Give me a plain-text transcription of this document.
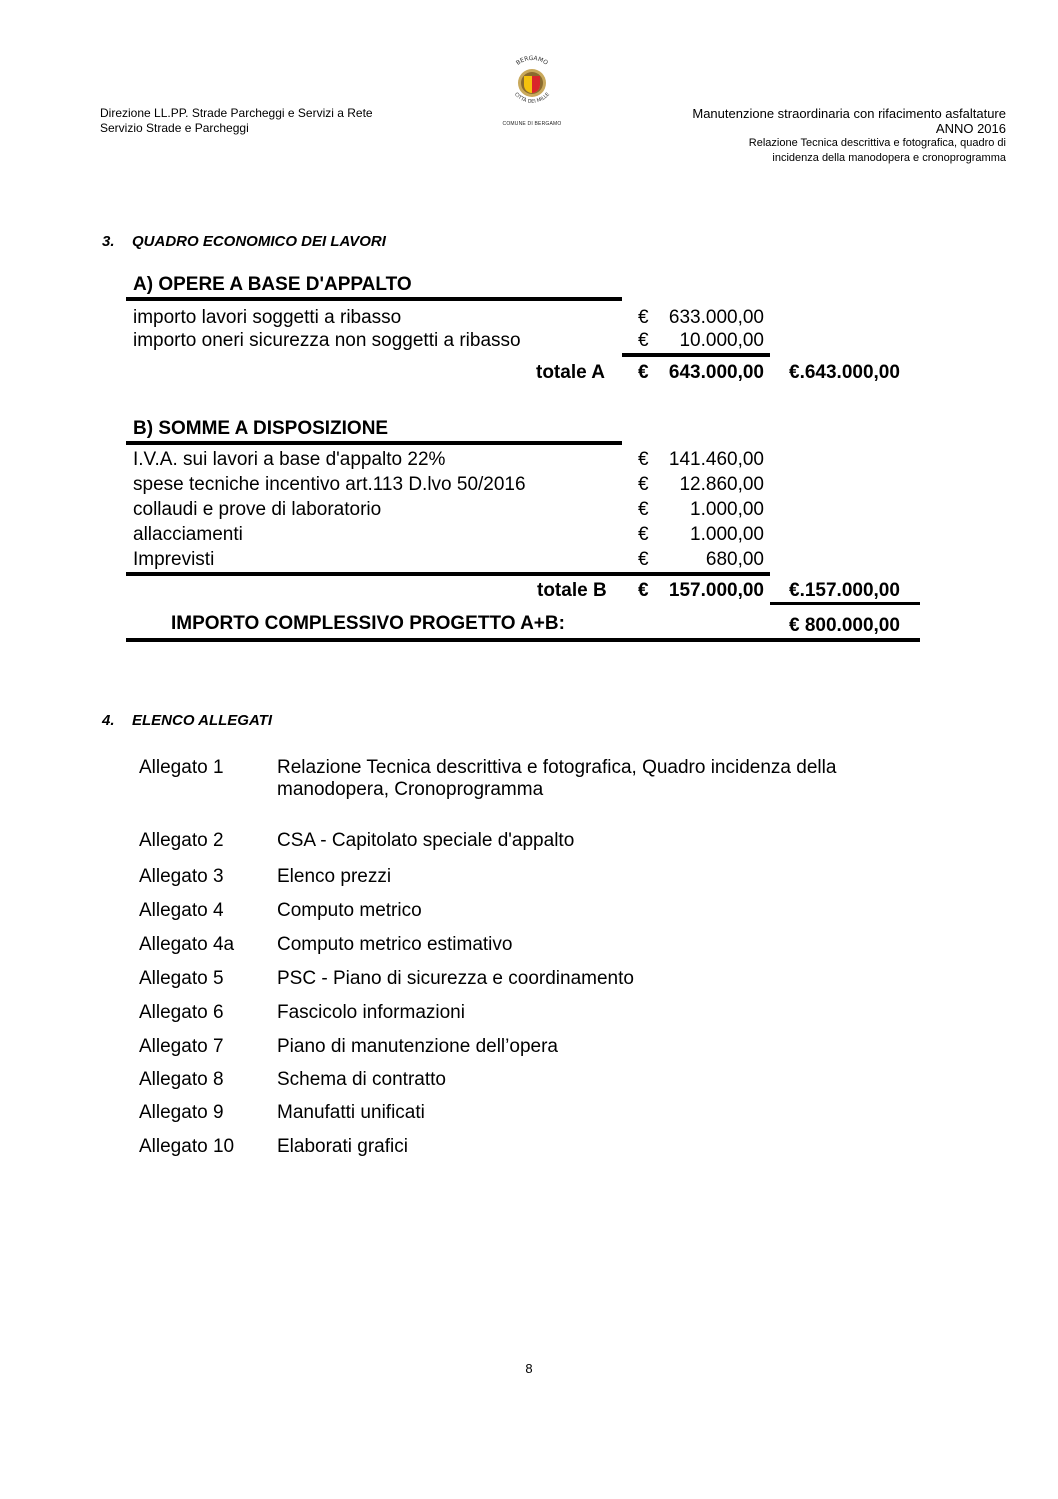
Direzione LL.PP. Strade Parcheggi e Servizi a Rete
Servizio Strade e Parcheggi
BERGAMO
CITTÀ DEI MILLE
COMUNE DI BERGAMO
Manutenzione straordinaria con rifacimento asfaltature
ANNO 2016
Relazione Tecnica descrittiva e fotografica, quadro di
incidenza della manodopera e cronoprogramma
3. QUADRO ECONOMICO DEI LAVORI
A) OPERE A BASE D'APPALTO
importo lavori soggetti a ribasso	€ 633.000,00
importo oneri sicurezza non soggetti a ribasso	€ 10.000,00
totale A € 643.000,00 €.643.000,00
B) SOMME A DISPOSIZIONE
I.V.A. sui lavori a base d'appalto 22%	€ 141.460,00
spese tecniche incentivo art.113 D.lvo 50/2016	€ 12.860,00
collaudi e prove di laboratorio	€ 1.000,00
allacciamenti	€ 1.000,00
Imprevisti	€	680,00
totale B € 157.000,00 €.157.000,00
IMPORTO COMPLESSIVO PROGETTO A+B:	€ 800.000,00
4. ELENCO ALLEGATI
Allegato 1	Relazione Tecnica descrittiva e fotografica, Quadro incidenza della manodopera, Cronoprogramma
Allegato 2	CSA - Capitolato speciale d'appalto
Allegato 3	Elenco prezzi
Allegato 4	Computo metrico
Allegato 4a Computo metrico estimativo
Allegato 5	PSC - Piano di sicurezza e coordinamento
Allegato 6	Fascicolo informazioni
Allegato 7	Piano di manutenzione dell’opera
Allegato 8	Schema di contratto
Allegato 9	Manufatti unificati
Allegato 10 Elaborati grafici
8
